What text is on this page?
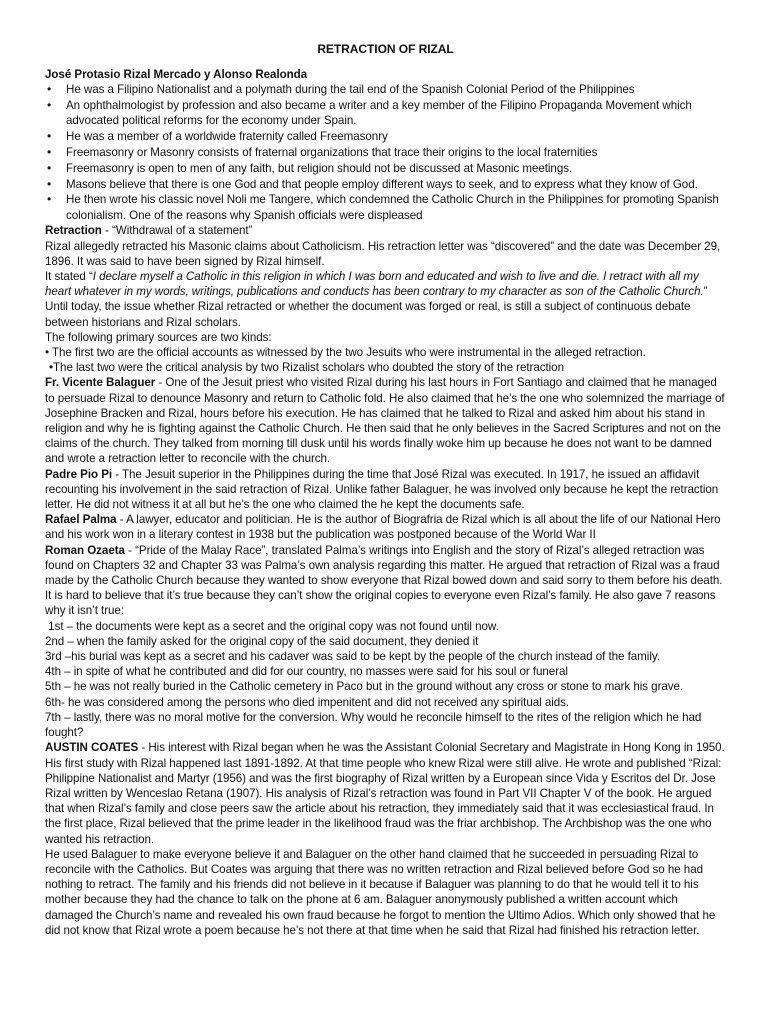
RETRACTION OF RIZAL
José Protasio Rizal Mercado y Alonso Realonda
• He was a Filipino Nationalist and a polymath during the tail end of the Spanish Colonial Period of the Philippines
• An ophthalmologist by profession and also became a writer and a key member of the Filipino Propaganda Movement which advocated political reforms for the economy under Spain.
• He was a member of a worldwide fraternity called Freemasonry
• Freemasonry or Masonry consists of fraternal organizations that trace their origins to the local fraternities
• Freemasonry is open to men of any faith, but religion should not be discussed at Masonic meetings.
• Masons believe that there is one God and that people employ different ways to seek, and to express what they know of God.
• He then wrote his classic novel Noli me Tangere, which condemned the Catholic Church in the Philippines for promoting Spanish colonialism. One of the reasons why Spanish officials were displeased

Retraction - “Withdrawal of a statement”

Rizal allegedly retracted his Masonic claims about Catholicism. His retraction letter was “discovered” and the date was December 29, 1896. It was said to have been signed by Rizal himself.

It stated “I declare myself a Catholic in this religion in which I was born and educated and wish to live and die. I retract with all my heart whatever in my words, writings, publications and conducts has been contrary to my character as son of the Catholic Church.” Until today, the issue whether Rizal retracted or whether the document was forged or real, is still a subject of continuous debate between historians and Rizal scholars.

The following primary sources are two kinds:

• The first two are the official accounts as witnessed by the two Jesuits who were instrumental in the alleged retraction.

•The last two were the critical analysis by two Rizalist scholars who doubted the story of the retraction

Fr. Vicente Balaguer - One of the Jesuit priest who visited Rizal during his last hours in Fort Santiago and claimed that he managed to persuade Rizal to denounce Masonry and return to Catholic fold. He also claimed that he’s the one who solemnized the marriage of Josephine Bracken and Rizal, hours before his execution. He has claimed that he talked to Rizal and asked him about his stand in religion and why he is fighting against the Catholic Church. He then said that he only believes in the Sacred Scriptures and not on the claims of the church. They talked from morning till dusk until his words finally woke him up because he does not want to be damned and wrote a retraction letter to reconcile with the church.

Padre Pio Pi - The Jesuit superior in the Philippines during the time that José Rizal was executed. In 1917, he issued an affidavit recounting his involvement in the said retraction of Rizal. Unlike father Balaguer, he was involved only because he kept the retraction letter. He did not witness it at all but he’s the one who claimed the he kept the documents safe.

Rafael Palma - A lawyer, educator and politician. He is the author of Biografria de Rizal which is all about the life of our National Hero and his work won in a literary contest in 1938 but the publication was postponed because of the World War II

Roman Ozaeta - “Pride of the Malay Race”, translated Palma’s writings into English and the story of Rizal’s alleged retraction was found on Chapters 32 and Chapter 33 was Palma’s own analysis regarding this matter. He argued that retraction of Rizal was a fraud made by the Catholic Church because they wanted to show everyone that Rizal bowed down and said sorry to them before his death. It is hard to believe that it’s true because they can’t show the original copies to everyone even Rizal’s family. He also gave 7 reasons why it isn’t true:

1st – the documents were kept as a secret and the original copy was not found until now.

2nd – when the family asked for the original copy of the said document, they denied it

3rd –his burial was kept as a secret and his cadaver was said to be kept by the people of the church instead of the family.

4th – in spite of what he contributed and did for our country, no masses were said for his soul or funeral

5th – he was not really buried in the Catholic cemetery in Paco but in the ground without any cross or stone to mark his grave.

6th- he was considered among the persons who died impenitent and did not received any spiritual aids.

7th – lastly, there was no moral motive for the conversion. Why would he reconcile himself to the rites of the religion which he had fought?

AUSTIN COATES - His interest with Rizal began when he was the Assistant Colonial Secretary and Magistrate in Hong Kong in 1950. His first study with Rizal happened last 1891-1892. At that time people who knew Rizal were still alive. He wrote and published “Rizal: Philippine Nationalist and Martyr (1956) and was the first biography of Rizal written by a European since Vida y Escritos del Dr. Jose Rizal written by Wenceslao Retana (1907). His analysis of Rizal’s retraction was found in Part VII Chapter V of the book. He argued that when Rizal’s family and close peers saw the article about his retraction, they immediately said that it was ecclesiastical fraud. In the first place, Rizal believed that the prime leader in the likelihood fraud was the friar archbishop. The Archbishop was the one who wanted his retraction.

He used Balaguer to make everyone believe it and Balaguer on the other hand claimed that he succeeded in persuading Rizal to reconcile with the Catholics. But Coates was arguing that there was no written retraction and Rizal believed before God so he had nothing to retract. The family and his friends did not believe in it because if Balaguer was planning to do that he would tell it to his mother because they had the chance to talk on the phone at 6 am. Balaguer anonymously published a written account which damaged the Church’s name and revealed his own fraud because he forgot to mention the Ultimo Adios. Which only showed that he did not know that Rizal wrote a poem because he’s not there at that time when he said that Rizal had finished his retraction letter.
